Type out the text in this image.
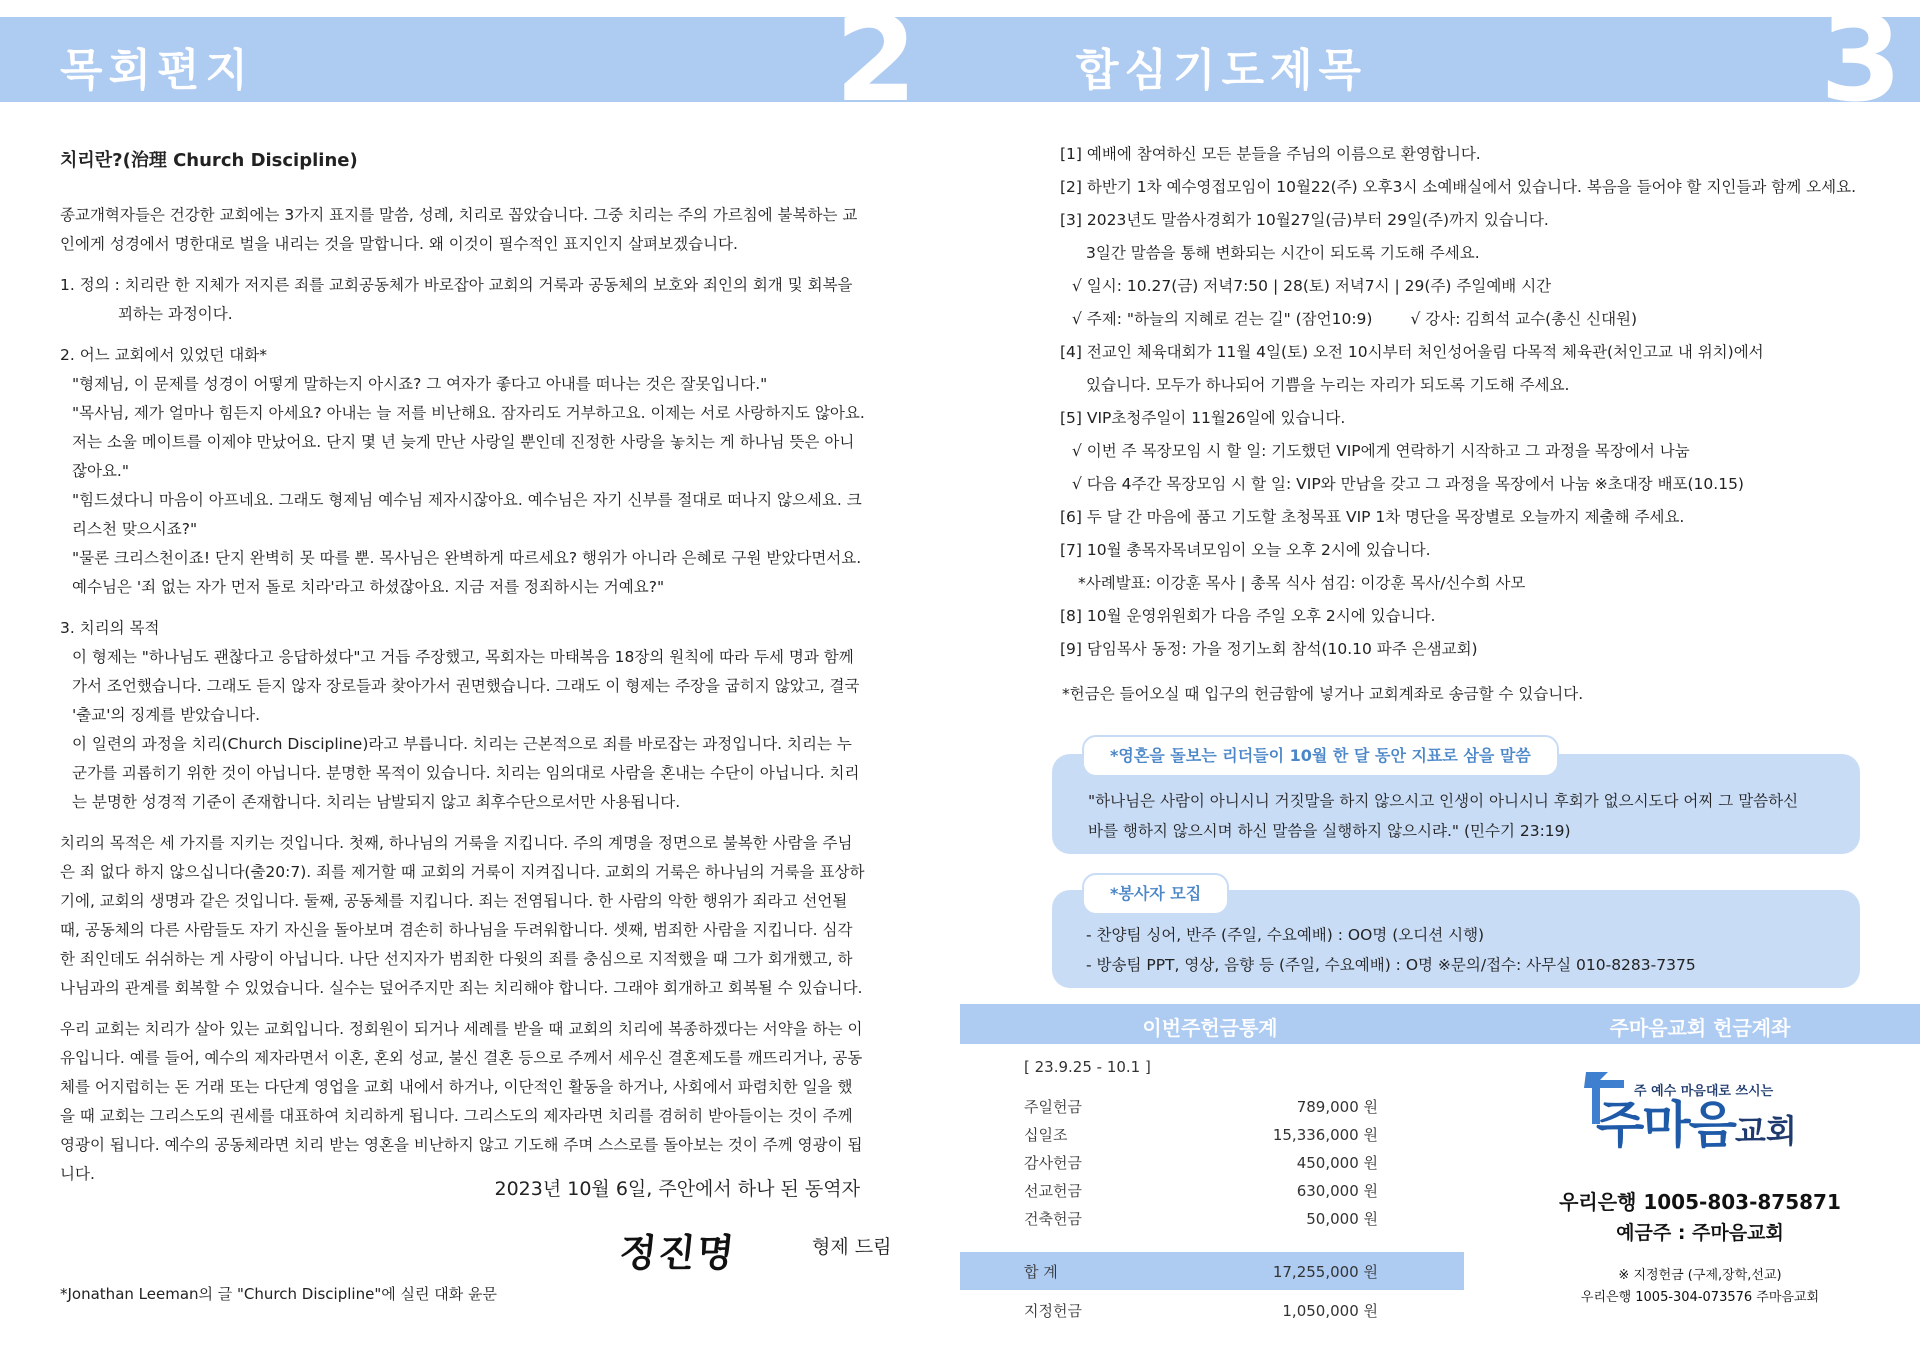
목회편지	2
치리란?(治理 Church Discipline)

종교개혁자들은 건강한 교회에는 3가지 표지를 말씀, 성례, 치리로 꼽았습니다. 그중 치리는 주의 가르침에 불복하는 교인에게 성경에서 명한대로 벌을 내리는 것을 말합니다. 왜 이것이 필수적인 표지인지 살펴보겠습니다.

1. 정의 : 치리란 한 지체가 저지른 죄를 교회공동체가 바로잡아 교회의 거룩과 공동체의 보호와 죄인의 회개 및 회복을 꾀하는 과정이다.

2. 어느 교회에서 있었던 대화*
"형제님, 이 문제를 성경이 어떻게 말하는지 아시죠? 그 여자가 좋다고 아내를 떠나는 것은 잘못입니다."
"목사님, 제가 얼마나 힘든지 아세요? 아내는 늘 저를 비난해요. 잠자리도 거부하고요. 이제는 서로 사랑하지도 않아요. 저는 소울 메이트를 이제야 만났어요. 단지 몇 년 늦게 만난 사랑일 뿐인데 진정한 사랑을 놓치는 게 하나님 뜻은 아니잖아요."
"힘드셨다니 마음이 아프네요. 그래도 형제님 예수님 제자시잖아요. 예수님은 자기 신부를 절대로 떠나지 않으세요. 크리스천 맞으시죠?"

"물론 크리스천이죠! 단지 완벽히 못 따를 뿐. 목사님은 완벽하게 따르세요? 행위가 아니라 은혜로 구원 받았다면서요. 예수님은 '죄 없는 자가 먼저 돌로 치라'라고 하셨잖아요. 지금 저를 정죄하시는 거예요?"

3. 치리의 목적
이 형제는 "하나님도 괜찮다고 응답하셨다"고 거듭 주장했고, 목회자는 마태복음 18장의 원칙에 따라 두세 명과 함께 가서 조언했습니다. 그래도 듣지 않자 장로들과 찾아가서 권면했습니다. 그래도 이 형제는 주장을 굽히지 않았고, 결국 '출교'의 징계를 받았습니다.

이 일련의 과정을 치리(Church Discipline)라고 부릅니다. 치리는 근본적으로 죄를 바로잡는 과정입니다. 치리는 누군가를 괴롭히기 위한 것이 아닙니다. 분명한 목적이 있습니다. 치리는 임의대로 사람을 혼내는 수단이 아닙니다. 치리는 분명한 성경적 기준이 존재합니다. 치리는 남발되지 않고 최후수단으로서만 사용됩니다.

치리의 목적은 세 가지를 지키는 것입니다. 첫째, 하나님의 거룩을 지킵니다. 주의 계명을 정면으로 불복한 사람을 주님은 죄 없다 하지 않으십니다(출20:7). 죄를 제거할 때 교회의 거룩이 지켜집니다. 교회의 거룩은 하나님의 거룩을 표상하기에, 교회의 생명과 같은 것입니다. 둘째, 공동체를 지킵니다. 죄는 전염됩니다. 한 사람의 악한 행위가 죄라고 선언될 때, 공동체의 다른 사람들도 자기 자신을 돌아보며 겸손히 하나님을 두려워합니다. 셋째, 범죄한 사람을 지킵니다. 심각한 죄인데도 쉬쉬하는 게 사랑이 아닙니다. 나단 선지자가 범죄한 다윗의 죄를 충심으로 지적했을 때 그가 회개했고, 하나님과의 관계를 회복할 수 있었습니다. 실수는 덮어주지만 죄는 치리해야 합니다. 그래야 회개하고 회복될 수 있습니다.

우리 교회는 치리가 살아 있는 교회입니다. 정회원이 되거나 세례를 받을 때 교회의 치리에 복종하겠다는 서약을 하는 이유입니다. 예를 들어, 예수의 제자라면서 이혼, 혼외 성교, 불신 결혼 등으로 주께서 세우신 결혼제도를 깨뜨리거나, 공동체를 어지럽히는 돈 거래 또는 다단계 영업을 교회 내에서 하거나, 이단적인 활동을 하거나, 사회에서 파렴치한 일을 했을 때 교회는 그리스도의 권세를 대표하여 치리하게 됩니다. 그리스도의 제자라면 치리를 겸허히 받아들이는 것이 주께 영광이 됩니다. 예수의 공동체라면 치리 받는 영혼을 비난하지 않고 기도해 주며 스스로를 돌아보는 것이 주께 영광이 됩니다.

2023년 10월 6일, 주안에서 하나 된 동역자
정진명	형제 드림
*Jonathan Leeman의 글 "Church Discipline"에 실린 대화 윤문
합심기도제목	3
[1] 예배에 참여하신 모든 분들을 주님의 이름으로 환영합니다.
[2] 하반기 1차 예수영접모임이 10월22(주) 오후3시 소예배실에서 있습니다. 복음을 들어야 할 지인들과 함께 오세요.
[3] 2023년도 말씀사경회가 10월27일(금)부터 29일(주)까지 있습니다.
3일간 말씀을 통해 변화되는 시간이 되도록 기도해 주세요.
√ 일시: 10.27(금) 저녁7:50 | 28(토) 저녁7시 | 29(주) 주일예배 시간
√ 주제: "하늘의 지혜로 걷는 길" (잠언10:9) √ 강사: 김희석 교수(총신 신대원)
[4] 전교인 체육대회가 11월 4일(토) 오전 10시부터 처인성어울림 다목적 체육관(처인고교 내 위치)에서
있습니다. 모두가 하나되어 기쁨을 누리는 자리가 되도록 기도해 주세요.
[5] VIP초청주일이 11월26일에 있습니다.
√ 이번 주 목장모임 시 할 일: 기도했던 VIP에게 연락하기 시작하고 그 과정을 목장에서 나눔
√ 다음 4주간 목장모임 시 할 일: VIP와 만남을 갖고 그 과정을 목장에서 나눔 ※초대장 배포(10.15)
[6] 두 달 간 마음에 품고 기도할 초청목표 VIP 1차 명단을 목장별로 오늘까지 제출해 주세요.
[7] 10월 총목자목녀모임이 오늘 오후 2시에 있습니다.
*사례발표: 이강훈 목사 | 총목 식사 섬김: 이강훈 목사/신수희 사모
[8] 10월 운영위원회가 다음 주일 오후 2시에 있습니다.
[9] 담임목사 동정: 가을 정기노회 참석(10.10 파주 은샘교회)
*헌금은 들어오실 때 입구의 헌금함에 넣거나 교회계좌로 송금할 수 있습니다.
*영혼을 돌보는 리더들이 10월 한 달 동안 지표로 삼을 말씀
"하나님은 사람이 아니시니 거짓말을 하지 않으시고 인생이 아니시니 후회가 없으시도다 어찌 그 말씀하신
바를 행하지 않으시며 하신 말씀을 실행하지 않으시랴." (민수기 23:19)
*봉사자 모집
- 찬양팀 싱어, 반주 (주일, 수요예배) : OO명 (오디션 시행)
- 방송팀 PPT, 영상, 음향 등 (주일, 수요예배) : O명 ※문의/접수: 사무실 010-8283-7375
이번주헌금통계	주마음교회 헌금계좌
[ 23.9.25 - 10.1 ]
주일헌금	789,000 원
십일조	15,336,000 원
감사헌금	450,000 원
선교헌금	630,000 원
건축헌금	50,000 원
합 계	17,255,000 원
지정헌금	1,050,000 원
주 예수 마음대로 쓰시는
주마음교회
우리은행 1005-803-875871
예금주 : 주마음교회
※ 지정헌금 (구제,장학,선교)
우리은행 1005-304-073576 주마음교회
